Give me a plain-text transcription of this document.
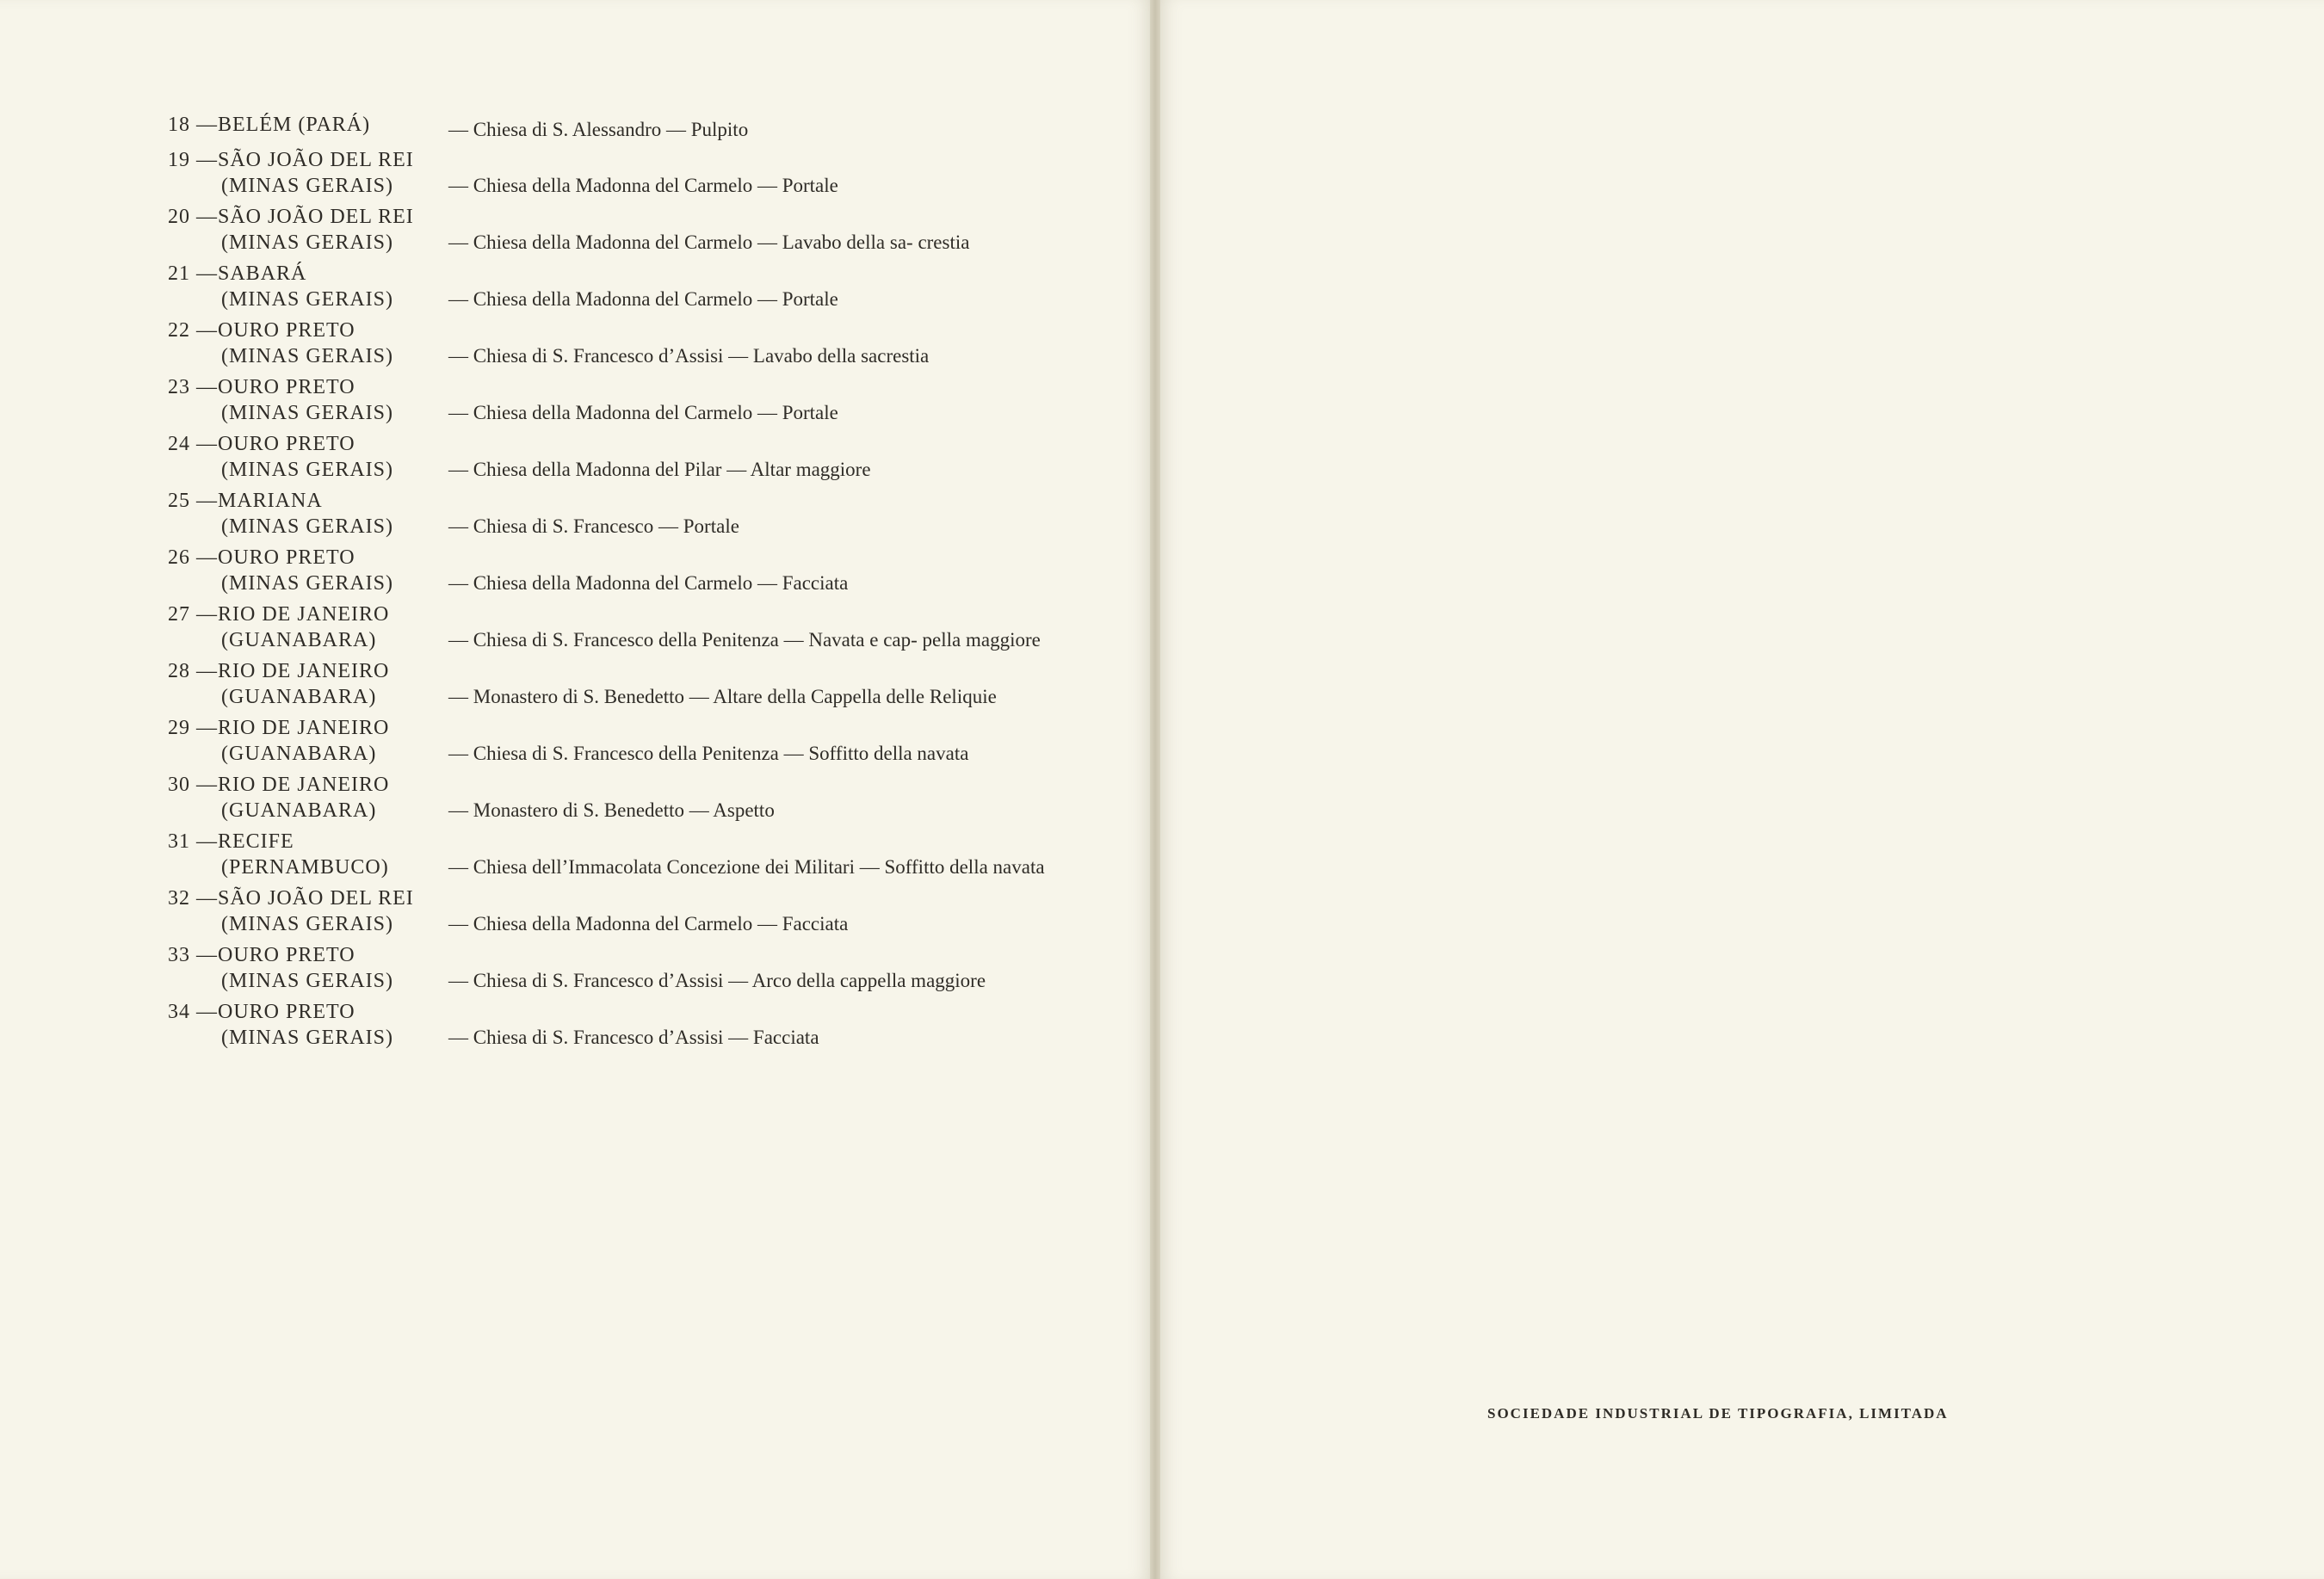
18 —BELÉM (PARÁ)	— Chiesa di S. Alessandro — Pulpito
19 —SÃO JOÃO DEL REI
(MINAS GERAIS)	— Chiesa della Madonna del Carmelo — Portale
20 —SÃO JOÃO DEL REI
(MINAS GERAIS)	— Chiesa della Madonna del Carmelo — Lavabo della sa- crestia
21 —SABARÁ
(MINAS GERAIS)	— Chiesa della Madonna del Carmelo — Portale
22 —OURO PRETO
(MINAS GERAIS)	— Chiesa di S. Francesco d’Assisi — Lavabo della sacrestia
23 —OURO PRETO
(MINAS GERAIS)	— Chiesa della Madonna del Carmelo — Portale
24 —OURO PRETO
(MINAS GERAIS)	— Chiesa della Madonna del Pilar — Altar maggiore
25 —MARIANA
(MINAS GERAIS)	— Chiesa di S. Francesco — Portale
26 —OURO PRETO
(MINAS GERAIS)	— Chiesa della Madonna del Carmelo — Facciata
27 —RIO DE JANEIRO
(GUANABARA)	— Chiesa di S. Francesco della Penitenza — Navata e cap- pella maggiore
28 —RIO DE JANEIRO
(GUANABARA)	— Monastero di S. Benedetto — Altare della Cappella delle Reliquie
29 —RIO DE JANEIRO
(GUANABARA)	— Chiesa di S. Francesco della Penitenza — Soffitto della navata
30 —RIO DE JANEIRO
(GUANABARA)	— Monastero di S. Benedetto — Aspetto
31 —RECIFE
(PERNAMBUCO)	— Chiesa dell’Immacolata Concezione dei Militari — Soffitto della navata
32 —SÃO JOÃO DEL REI
(MINAS GERAIS)	— Chiesa della Madonna del Carmelo — Facciata
33 —OURO PRETO
(MINAS GERAIS)	— Chiesa di S. Francesco d’Assisi — Arco della cappella maggiore
34 —OURO PRETO
(MINAS GERAIS)	— Chiesa di S. Francesco d’Assisi — Facciata
SOCIEDADE INDUSTRIAL DE TIPOGRAFIA, LIMITADA
